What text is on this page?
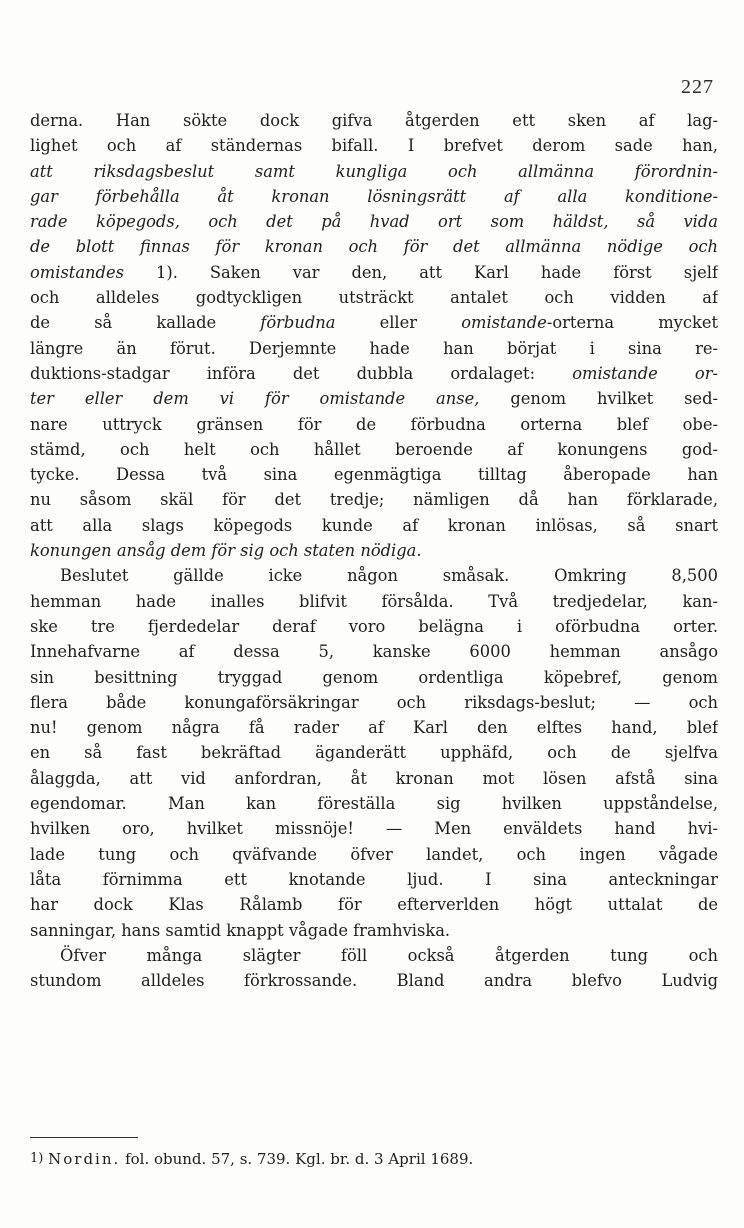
227
derna. Han sökte dock gifva åtgerden ett sken af lag-
lighet och af ständernas bifall. I brefvet derom sade han,
att riksdagsbeslut samt kungliga och allmänna förordnin-
gar förbehålla åt kronan lösningsrätt af alla konditione-
rade köpegods, och det på hvad ort som häldst, så vida
de blott finnas för kronan och för det allmänna nödige och
omistandes 1). Saken var den, att Karl hade först sjelf
och alldeles godtyckligen utsträckt antalet och vidden af
de så kallade förbudna eller omistande-orterna mycket
längre än förut. Derjemnte hade han börjat i sina re-
duktions-stadgar införa det dubbla ordalaget: omistande or-
ter eller dem vi för omistande anse, genom hvilket sed-
nare uttryck gränsen för de förbudna orterna blef obe-
stämd, och helt och hållet beroende af konungens god-
tycke. Dessa två sina egenmägtiga tilltag åberopade han
nu såsom skäl för det tredje; nämligen då han förklarade,
att alla slags köpegods kunde af kronan inlösas, så snart
konungen ansåg dem för sig och staten nödiga.
Beslutet gällde icke någon småsak. Omkring 8,500
hemman hade inalles blifvit försålda. Två tredjedelar, kan-
ske tre fjerdedelar deraf voro belägna i oförbudna orter.
Innehafvarne af dessa 5, kanske 6000 hemman ansågo
sin besittning tryggad genom ordentliga köpebref, genom
flera både konungaförsäkringar och riksdags-beslut; — och
nu! genom några få rader af Karl den elftes hand, blef
en så fast bekräftad äganderätt upphäfd, och de sjelfva
ålaggda, att vid anfordran, åt kronan mot lösen afstå sina
egendomar. Man kan föreställa sig hvilken uppståndelse,
hvilken oro, hvilket missnöje! — Men enväldets hand hvi-
lade tung och qväfvande öfver landet, och ingen vågade
låta förnimma ett knotande ljud. I sina anteckningar
har dock Klas Rålamb för efterverlden högt uttalat de
sanningar, hans samtid knappt vågade framhviska.
Öfver många slägter föll också åtgerden tung och
stundom alldeles förkrossande. Bland andra blefvo Ludvig
1) Nordin. fol. obund. 57, s. 739. Kgl. br. d. 3 April 1689.
